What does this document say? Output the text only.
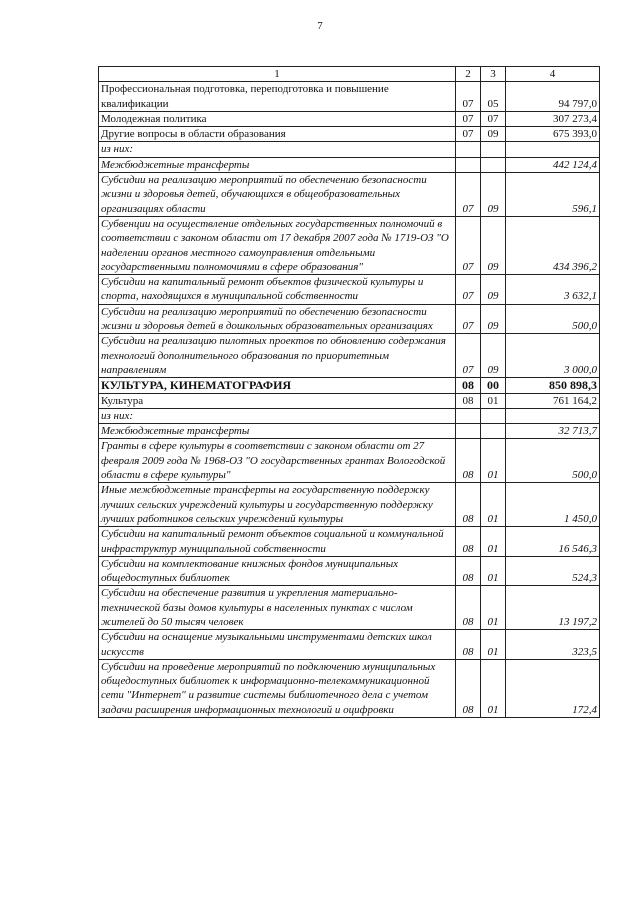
7
1	2	3	4
Профессиональная подготовка, переподготовка и повышение квалификации	07	05	94 797,0
Молодежная политика	07	07	307 273,4
Другие вопросы в области образования	07	09	675 393,0
из них:			
Межбюджетные трансферты			442 124,4
Субсидии на реализацию мероприятий по обеспечению безопасности жизни и здоровья детей, обучающихся в общеобразовательных организациях области	07	09	596,1
Субвенции на осуществление отдельных государственных полномочий в соответствии с законом области от 17 декабря 2007 года № 1719-ОЗ "О наделении органов местного самоуправления отдельными государственными полномочиями в сфере образования"	07	09	434 396,2
Субсидии на капитальный ремонт объектов физической культуры и спорта, находящихся в муниципальной собственности	07	09	3 632,1
Субсидии на реализацию мероприятий по обеспечению безопасности жизни и здоровья детей в дошкольных образовательных организациях	07	09	500,0
Субсидии на реализацию пилотных проектов по обновлению содержания технологий дополнительного образования по приоритетным направлениям	07	09	3 000,0
КУЛЬТУРА, КИНЕМАТОГРАФИЯ	08	00	850 898,3
Культура	08	01	761 164,2
из них:			
Межбюджетные трансферты			32 713,7
Гранты в сфере культуры в соответствии с законом области от 27 февраля 2009 года № 1968-ОЗ "О государственных грантах Вологодской области в сфере культуры"	08	01	500,0
Иные межбюджетные трансферты на государственную поддержку лучших сельских учреждений культуры и государственную поддержку лучших работников сельских учреждений культуры	08	01	1 450,0
Субсидии на капитальный ремонт объектов социальной и коммунальной инфраструктур муниципальной собственности	08	01	16 546,3
Субсидии на комплектование книжных фондов муниципальных общедоступных библиотек	08	01	524,3
Субсидии на обеспечение развития и укрепления материально-технической базы домов культуры в населенных пунктах с числом жителей до 50 тысяч человек	08	01	13 197,2
Субсидии на оснащение музыкальными инструментами детских школ искусств	08	01	323,5
Субсидии на проведение мероприятий по подключению муниципальных общедоступных библиотек к информационно-телекоммуникационной сети "Интернет" и развитие системы библиотечного дела с учетом задачи расширения информационных технологий и оцифровки	08	01	172,4
